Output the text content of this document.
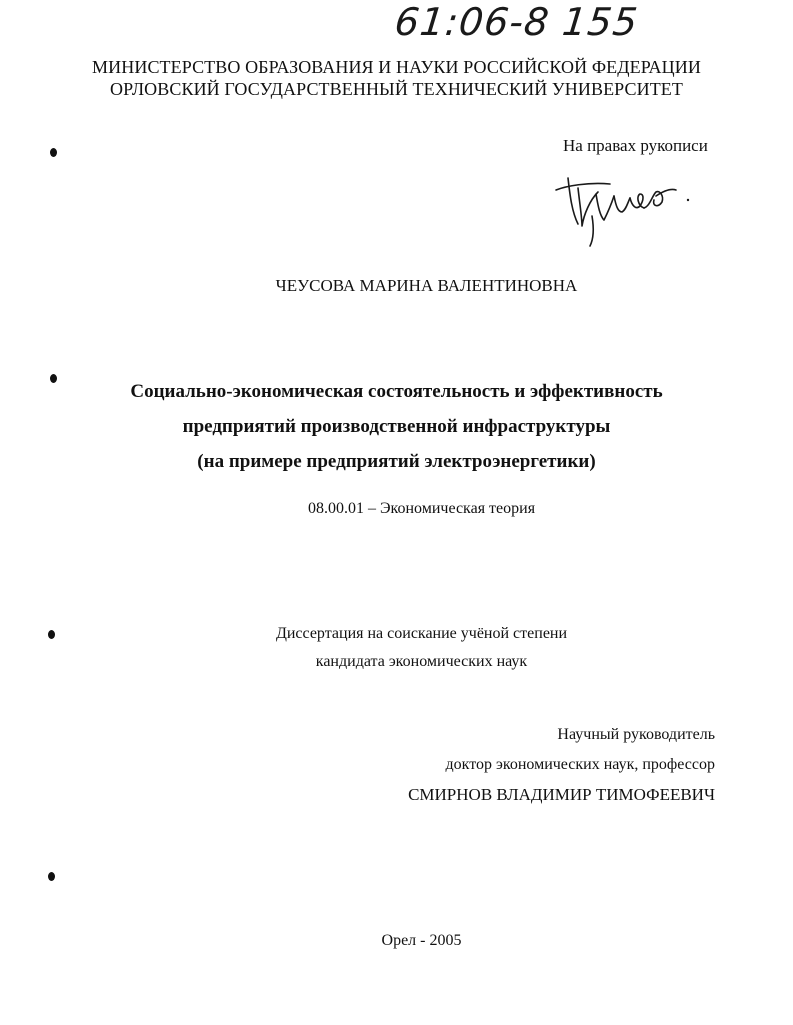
61:06-8 155
МИНИСТЕРСТВО ОБРАЗОВАНИЯ И НАУКИ РОССИЙСКОЙ ФЕДЕРАЦИИ
ОРЛОВСКИЙ ГОСУДАРСТВЕННЫЙ ТЕХНИЧЕСКИЙ УНИВЕРСИТЕТ
На правах рукописи
ЧЕУСОВА МАРИНА ВАЛЕНТИНОВНА
Социально-экономическая состоятельность и эффективность
предприятий производственной инфраструктуры
(на примере предприятий электроэнергетики)
08.00.01 – Экономическая теория
Диссертация на соискание учёной степени
кандидата экономических наук
Научный руководитель
доктор экономических наук, профессор
СМИРНОВ ВЛАДИМИР ТИМОФЕЕВИЧ
Орел - 2005
